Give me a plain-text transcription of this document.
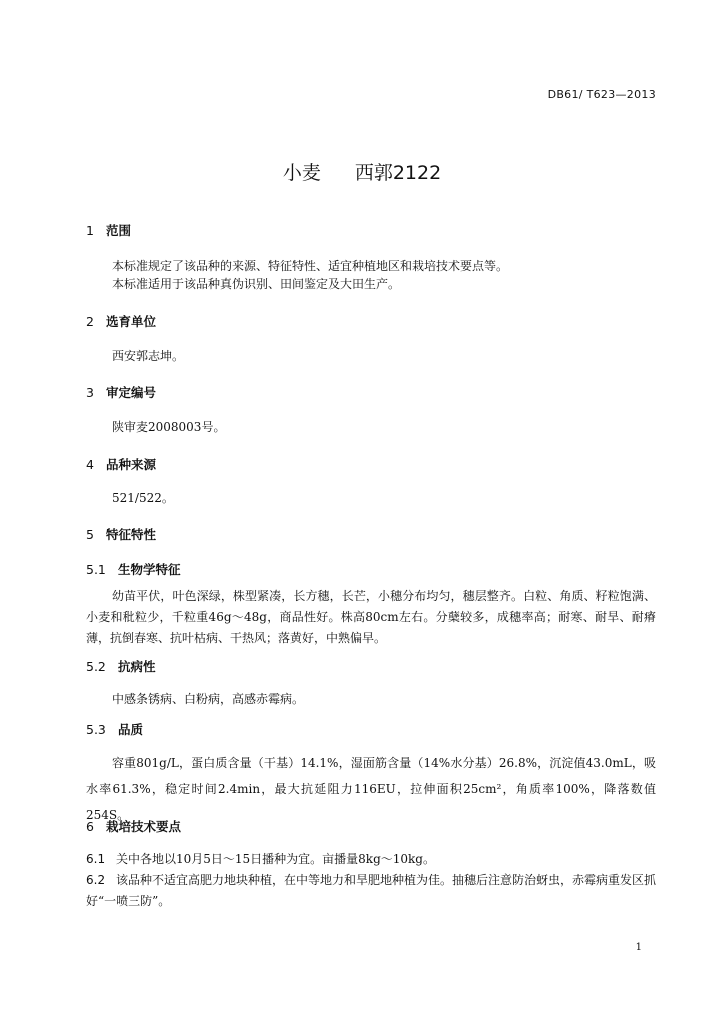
DB61/ T623—2013
小麦 西郭2122
1 范围
本标准规定了该品种的来源、特征特性、适宜种植地区和栽培技术要点等。
本标准适用于该品种真伪识别、田间鉴定及大田生产。
2 选育单位
西安郭志坤。
3 审定编号
陕审麦2008003号。
4 品种来源
521/522。
5 特征特性
5.1 生物学特征
幼苗平伏，叶色深绿，株型紧凑，长方穗，长芒，小穗分布均匀，穗层整齐。白粒、角质、籽粒饱满、小麦和秕粒少，千粒重46g～48g，商品性好。株高80cm左右。分蘖较多，成穗率高；耐寒、耐旱、耐瘠薄，抗倒春寒、抗叶枯病、干热风；落黄好，中熟偏早。
5.2 抗病性
中感条锈病、白粉病，高感赤霉病。
5.3 品质
容重801g/L，蛋白质含量（干基）14.1%，湿面筋含量（14%水分基）26.8%，沉淀值43.0mL，吸水率61.3%，稳定时间2.4min，最大抗延阻力116EU，拉伸面积25cm²，角质率100%，降落数值254S。
6 栽培技术要点
6.1 关中各地以10月5日～15日播种为宜。亩播量8kg～10kg。
6.2 该品种不适宜高肥力地块种植，在中等地力和旱肥地种植为佳。抽穗后注意防治蚜虫，赤霉病重发区抓好“一喷三防”。
1
